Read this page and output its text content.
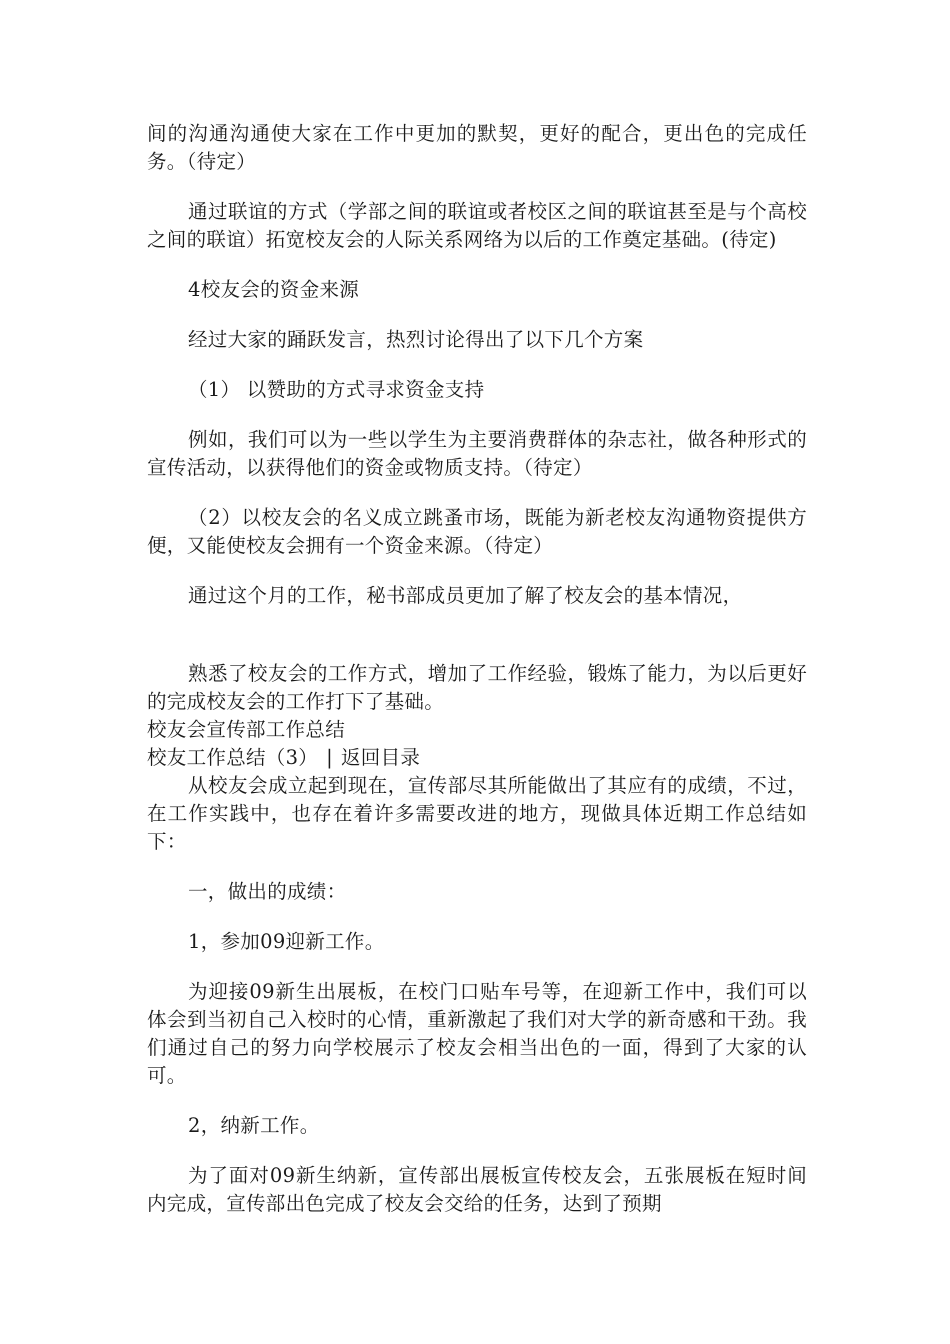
间的沟通沟通使大家在工作中更加的默契，更好的配合，更出色的完成任务。（待定）

通过联谊的方式（学部之间的联谊或者校区之间的联谊甚至是与个高校之间的联谊）拓宽校友会的人际关系网络为以后的工作奠定基础。(待定)

4校友会的资金来源

经过大家的踊跃发言，热烈讨论得出了以下几个方案

（1） 以赞助的方式寻求资金支持

例如，我们可以为一些以学生为主要消费群体的杂志社，做各种形式的宣传活动，以获得他们的资金或物质支持。（待定）

（2）以校友会的名义成立跳蚤市场，既能为新老校友沟通物资提供方便，又能使校友会拥有一个资金来源。（待定）

通过这个月的工作，秘书部成员更加了解了校友会的基本情况，

熟悉了校友会的工作方式，增加了工作经验，锻炼了能力，为以后更好的完成校友会的工作打下了基础。

校友会宣传部工作总结

校友工作总结（3） | 返回目录

从校友会成立起到现在，宣传部尽其所能做出了其应有的成绩，不过，在工作实践中，也存在着许多需要改进的地方，现做具体近期工作总结如下：

一，做出的成绩：

1，参加09迎新工作。

为迎接09新生出展板，在校门口贴车号等，在迎新工作中，我们可以体会到当初自己入校时的心情，重新激起了我们对大学的新奇感和干劲。我们通过自己的努力向学校展示了校友会相当出色的一面，得到了大家的认可。

2，纳新工作。

为了面对09新生纳新，宣传部出展板宣传校友会，五张展板在短时间内完成，宣传部出色完成了校友会交给的任务，达到了预期
